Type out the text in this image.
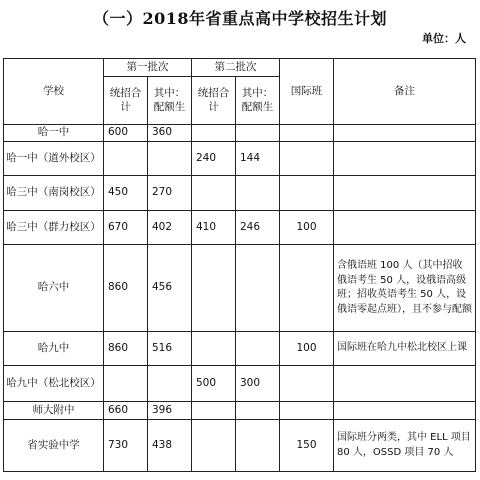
（一）2018年省重点高中学校招生计划
单位：人
学校	第一批次		第二批次		国际班	备注
	统招合计	其中：配额生	统招合计	其中：配额生		
哈一中	600	360				
哈一中（道外校区）			240	144		
哈三中（南岗校区）	450	270				
哈三中（群力校区）	670	402	410	246	100	
哈六中	860	456				含俄语班 100 人（其中招收俄语考生 50 人，设俄语高级班；招收英语考生 50 人，设俄语零起点班），且不参与配额
哈九中	860	516			100	国际班在哈九中松北校区上课
哈九中（松北校区）			500	300		
师大附中	660	396				
省实验中学	730	438			150	国际班分两类，其中 ELL 项目 80 人，OSSD 项目 70 人
